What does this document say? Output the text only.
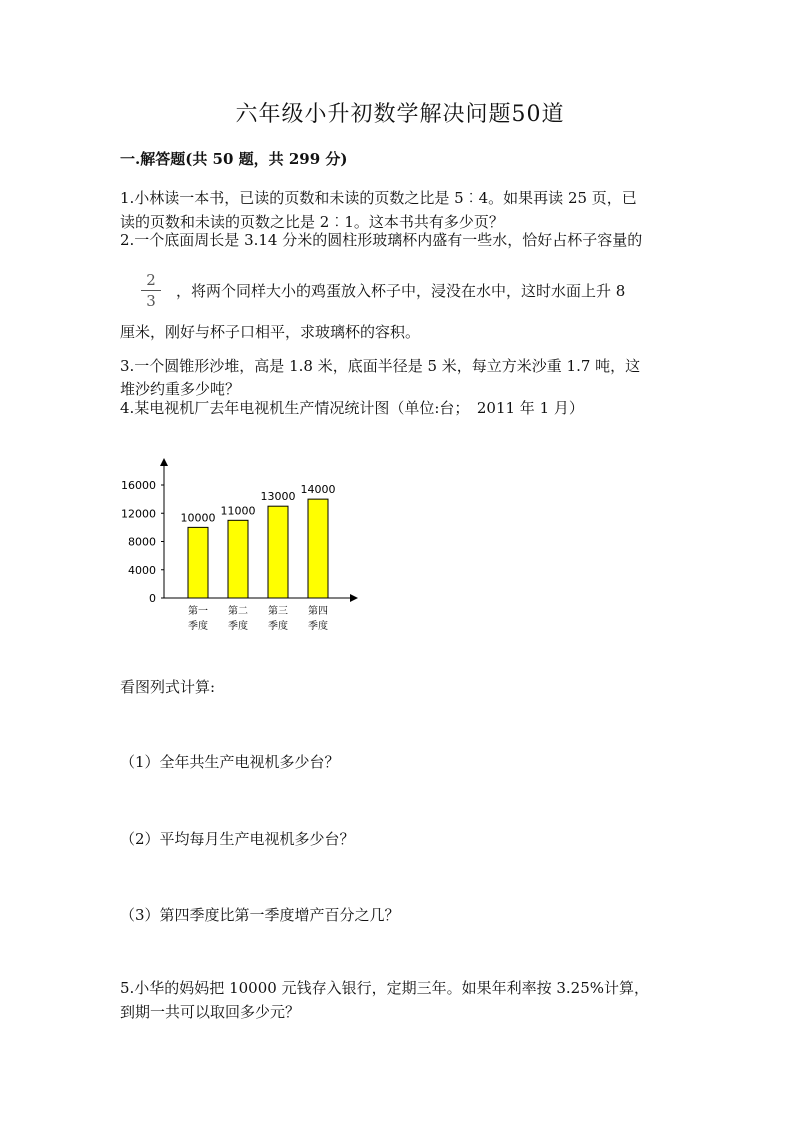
六年级小升初数学解决问题50道
一.解答题(共 50 题，共 299 分)
1.小林读一本书，已读的页数和未读的页数之比是 5︰4。如果再读 25 页，已
读的页数和未读的页数之比是 2︰1。这本书共有多少页？
2.一个底面周长是 3.14 分米的圆柱形玻璃杯内盛有一些水，恰好占杯子容量的
2
3
，将两个同样大小的鸡蛋放入杯子中，浸没在水中，这时水面上升 8
厘米，刚好与杯子口相平，求玻璃杯的容积。
3.一个圆锥形沙堆，高是 1.8 米，底面半径是 5 米，每立方米沙重 1.7 吨，这
堆沙约重多少吨？
4.某电视机厂去年电视机生产情况统计图（单位:台；　2011 年 1 月）
0
4000
8000
12000
16000
10000
第一
季度
11000
第二
季度
13000
第三
季度
14000
第四
季度
看图列式计算:
（1）全年共生产电视机多少台？
（2）平均每月生产电视机多少台？
（3）第四季度比第一季度增产百分之几？
5.小华的妈妈把 10000 元钱存入银行，定期三年。如果年利率按 3.25%计算，
到期一共可以取回多少元？
